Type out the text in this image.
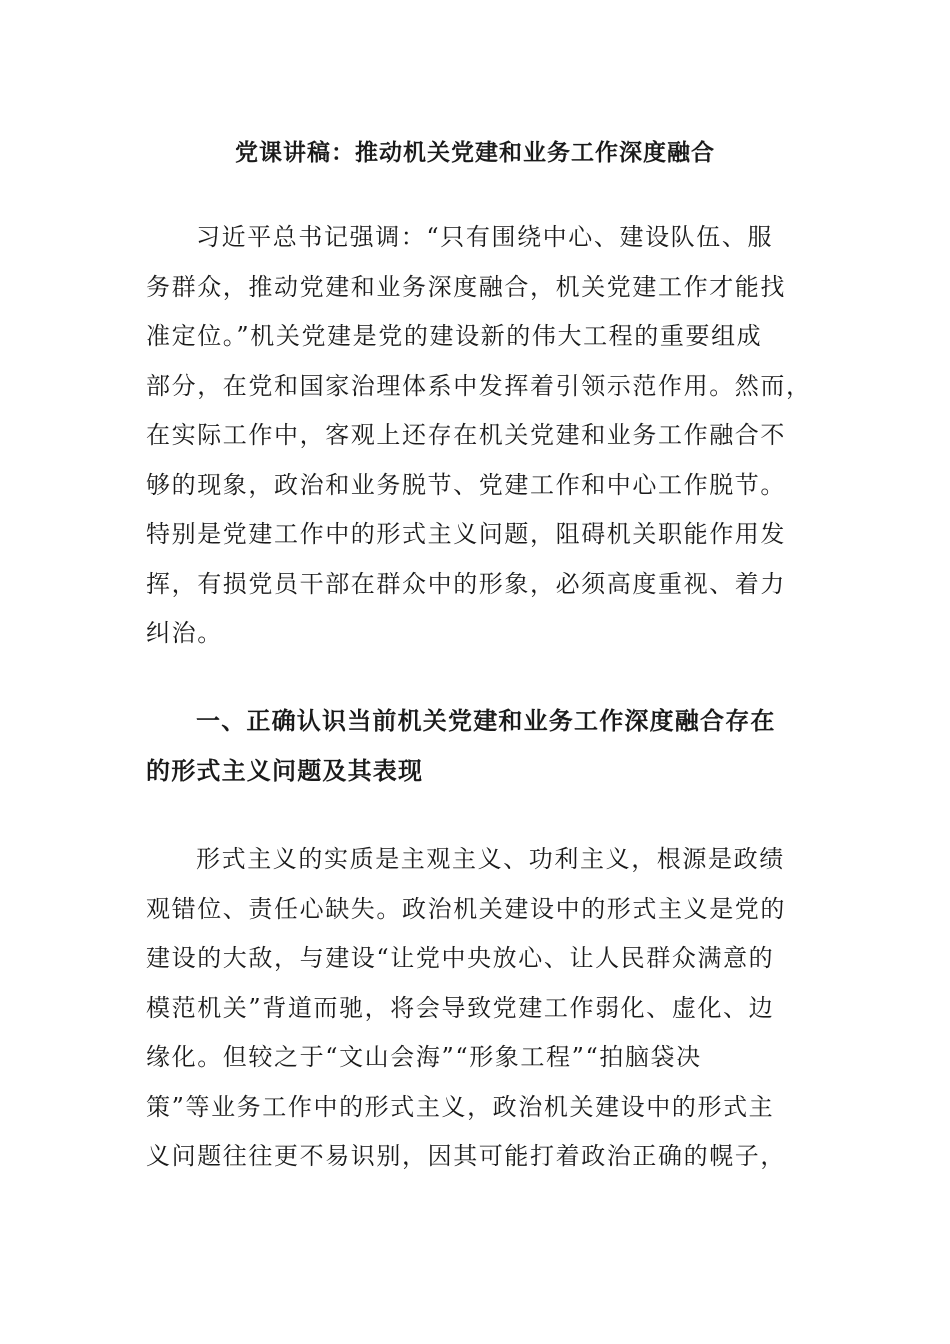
党课讲稿：推动机关党建和业务工作深度融合

习近平总书记强调：“只有围绕中心、建设队伍、服
务群众，推动党建和业务深度融合，机关党建工作才能找
准定位。”机关党建是党的建设新的伟大工程的重要组成
部分，在党和国家治理体系中发挥着引领示范作用。然而，
在实际工作中，客观上还存在机关党建和业务工作融合不
够的现象，政治和业务脱节、党建工作和中心工作脱节。
特别是党建工作中的形式主义问题，阻碍机关职能作用发
挥，有损党员干部在群众中的形象，必须高度重视、着力
纠治。

一、正确认识当前机关党建和业务工作深度融合存在
的形式主义问题及其表现

形式主义的实质是主观主义、功利主义，根源是政绩
观错位、责任心缺失。政治机关建设中的形式主义是党的
建设的大敌，与建设“让党中央放心、让人民群众满意的
模范机关”背道而驰，将会导致党建工作弱化、虚化、边
缘化。但较之于“文山会海”“形象工程”“拍脑袋决
策”等业务工作中的形式主义，政治机关建设中的形式主
义问题往往更不易识别，因其可能打着政治正确的幌子，
